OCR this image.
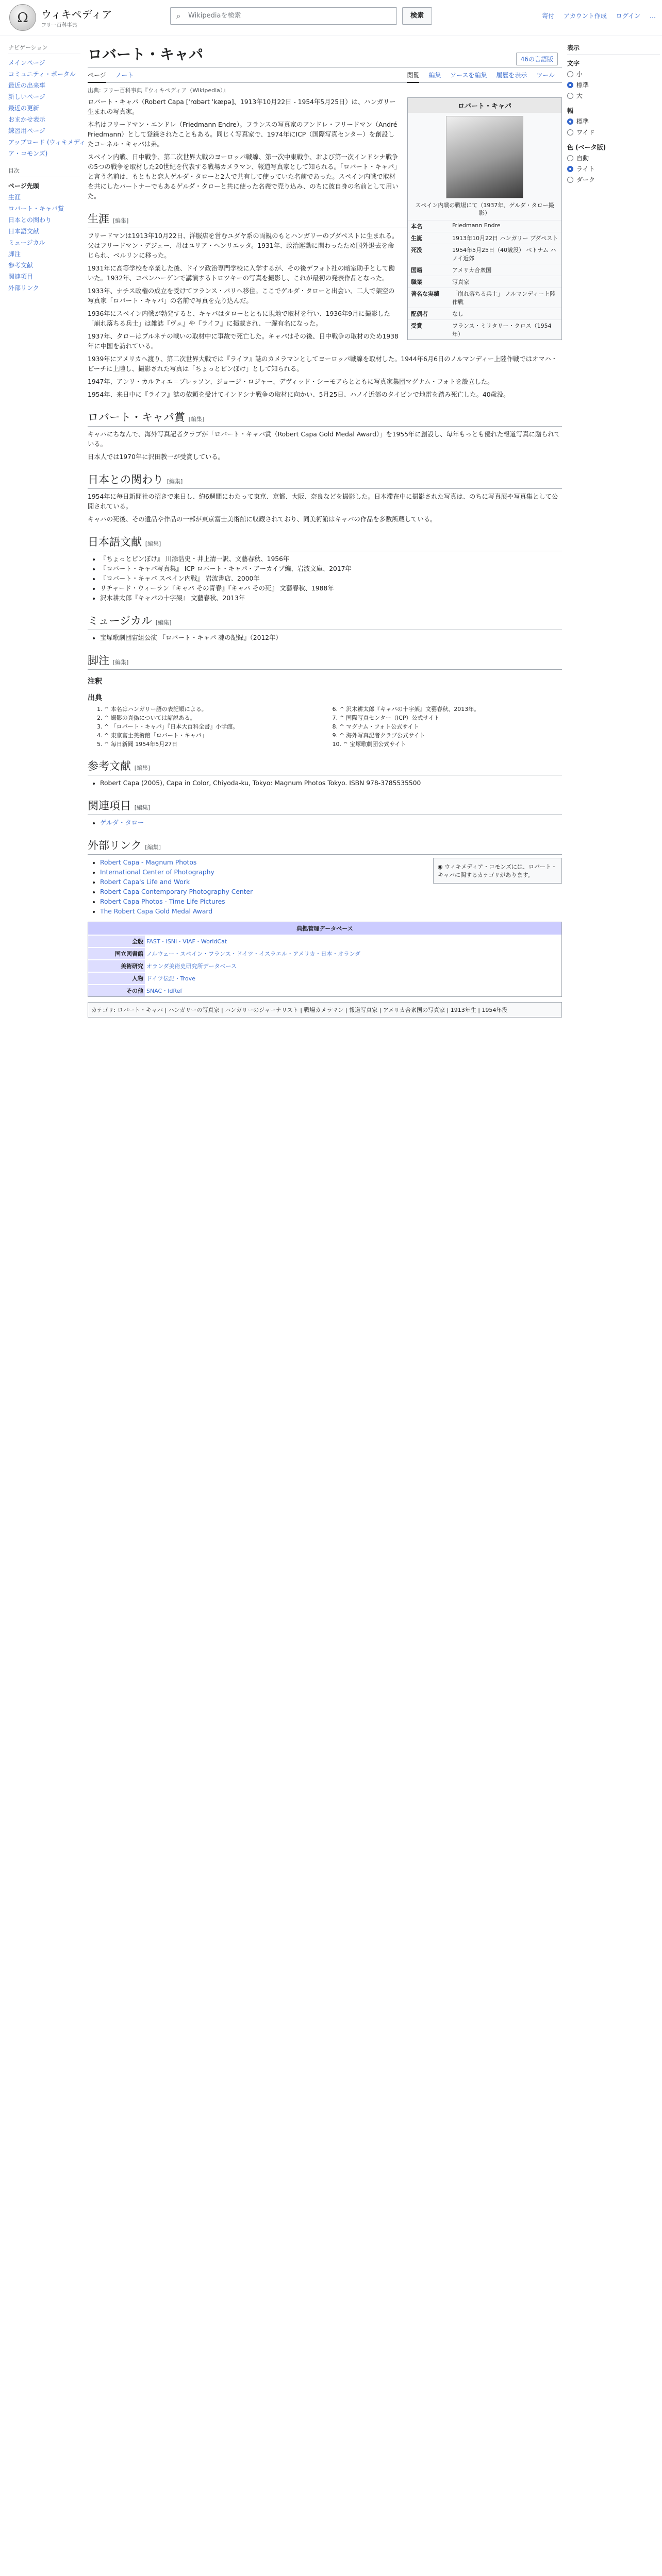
Ω	ウィキペディア
フリー百科事典
Wikipediaを検索
⌕	検索	寄付 アカウント作成 ログイン …
ナビゲーション
メインページ
コミュニティ・ポータル
最近の出来事
新しいページ
最近の更新
おまかせ表示
練習用ページ
アップロード (ウィキメディア・コモンズ)
目次
ページ先頭
生涯
ロバート・キャパ賞
日本との関わり
日本語文献
ミュージカル
脚注
参考文献
関連項目
外部リンク
ロバート・キャパ	46の言語版
ページ ノート	閲覧 編集 ソースを編集 履歴を表示 ツール
出典: フリー百科事典『ウィキペディア（Wikipedia）』
ロバート・キャパ
スペイン内戦の戦場にて（1937年、ゲルダ・タロー撮影）
本名	Friedmann Endre
生誕	1913年10月22日 ハンガリー ブダペスト
死没	1954年5月25日（40歳没） ベトナム ハノイ近郊
国籍	アメリカ合衆国
職業	写真家
著名な実績	「崩れ落ちる兵士」 ノルマンディー上陸作戦
配偶者	なし
受賞	フランス・ミリタリー・クロス（1954年）

ロバート・キャパ（Robert Capa [ˈrɑbərt ˈkæpə]、1913年10月22日 - 1954年5月25日）は、ハンガリー生まれの写真家。

本名はフリードマン・エンドレ（Friedmann Endre）。フランスの写真家のアンドレ・フリードマン（André Friedmann）として登録されたこともある。同じく写真家で、1974年にICP（国際写真センター）を創設したコーネル・キャパは弟。

スペイン内戦、日中戦争、第二次世界大戦のヨーロッパ戦線、第一次中東戦争、および第一次インドシナ戦争の5つの戦争を取材した20世紀を代表する戦場カメラマン、報道写真家として知られる。「ロバート・キャパ」と言う名前は、もともと恋人ゲルダ・タローと2人で共有して使っていた名前であった。スペイン内戦で取材を共にしたパートナーでもあるゲルダ・タローと共に使った名義で売り込み、のちに彼自身の名前として用いた。

生涯 [編集]

フリードマンは1913年10月22日、洋服店を営むユダヤ系の両親のもとハンガリーのブダペストに生まれる。父はフリードマン・デジェー、母はユリア・ヘンリエッタ。1931年、政治運動に関わったため国外退去を命じられ、ベルリンに移った。

1931年に高等学校を卒業した後、ドイツ政治専門学校に入学するが、その後デフォト社の暗室助手として働いた。1932年、コペンハーゲンで講演するトロツキーの写真を撮影し、これが最初の発表作品となった。

1933年、ナチス政権の成立を受けてフランス・パリへ移住。ここでゲルダ・タローと出会い、二人で架空の写真家「ロバート・キャパ」の名前で写真を売り込んだ。

1936年にスペイン内戦が勃発すると、キャパはタローとともに現地で取材を行い、1936年9月に撮影した「崩れ落ちる兵士」は雑誌『ヴュ』や『ライフ』に掲載され、一躍有名になった。

1937年、タローはブルネテの戦いの取材中に事故で死亡した。キャパはその後、日中戦争の取材のため1938年に中国を訪れている。

1939年にアメリカへ渡り、第二次世界大戦では『ライフ』誌のカメラマンとしてヨーロッパ戦線を取材した。1944年6月6日のノルマンディー上陸作戦ではオマハ・ビーチに上陸し、撮影された写真は「ちょっとピンぼけ」として知られる。

1947年、アンリ・カルティエ＝ブレッソン、ジョージ・ロジャー、デヴィッド・シーモアらとともに写真家集団マグナム・フォトを設立した。

1954年、来日中に『ライフ』誌の依頼を受けてインドシナ戦争の取材に向かい、5月25日、ハノイ近郊のタイビンで地雷を踏み死亡した。40歳没。

ロバート・キャパ賞 [編集]

キャパにちなんで、海外写真記者クラブが「ロバート・キャパ賞（Robert Capa Gold Medal Award）」を1955年に創設し、毎年もっとも優れた報道写真に贈られている。

日本人では1970年に沢田教一が受賞している。

日本との関わり [編集]

1954年に毎日新聞社の招きで来日し、約6週間にわたって東京、京都、大阪、奈良などを撮影した。日本滞在中に撮影された写真は、のちに写真展や写真集として公開されている。

キャパの死後、その遺品や作品の一部が東京富士美術館に収蔵されており、同美術館はキャパの作品を多数所蔵している。

日本語文献 [編集]
• 『ちょっとピンぼけ』 川添浩史・井上清一訳、文藝春秋、1956年
• 『ロバート・キャパ写真集』 ICP ロバート・キャパ・アーカイブ編、岩波文庫、2017年
• 『ロバート・キャパ スペイン内戦』 岩波書店、2000年
• リチャード・ウィーラン『キャパ その青春』『キャパ その死』 文藝春秋、1988年
• 沢木耕太郎『キャパの十字架』 文藝春秋、2013年
ミュージカル [編集]
• 宝塚歌劇団宙組公演 『ロバート・キャパ 魂の記録』（2012年）
脚注 [編集]
注釈
出典
1. ^ 本名はハンガリー語の表記順による。
2. ^ 撮影の真偽については諸説ある。
3. ^ 「ロバート・キャパ」『日本大百科全書』小学館。
4. ^ 東京富士美術館「ロバート・キャパ」
5. ^ 毎日新聞 1954年5月27日
6. ^ 沢木耕太郎『キャパの十字架』文藝春秋、2013年。
7. ^ 国際写真センター（ICP）公式サイト
8. ^ マグナム・フォト公式サイト
9. ^ 海外写真記者クラブ公式サイト
10. ^ 宝塚歌劇団公式サイト
参考文献 [編集]
• Robert Capa (2005), Capa in Color, Chiyoda-ku, Tokyo: Magnum Photos Tokyo. ISBN 978-3785535500
関連項目 [編集]
• ゲルダ・タロー
外部リンク [編集]
◉ ウィキメディア・コモンズには、ロバート・キャパに関するカテゴリがあります。
• Robert Capa - Magnum Photos
• International Center of Photography
• Robert Capa's Life and Work
• Robert Capa Contemporary Photography Center
• Robert Capa Photos - Time Life Pictures
• The Robert Capa Gold Medal Award
典拠管理データベース
全般 FAST・ISNI・VIAF・WorldCat
国立図書館 ノルウェー・スペイン・フランス・ドイツ・イスラエル・アメリカ・日本・オランダ
美術研究 オランダ美術史研究所データベース
人物 ドイツ伝記・Trove
その他 SNAC・IdRef
カテゴリ: ロバート・キャパ | ハンガリーの写真家 | ハンガリーのジャーナリスト | 戦場カメラマン | 報道写真家 | アメリカ合衆国の写真家 | 1913年生 | 1954年没
表示
文字
小
標準
大
幅
標準
ワイド
色 (ベータ版)
自動
ライト
ダーク
